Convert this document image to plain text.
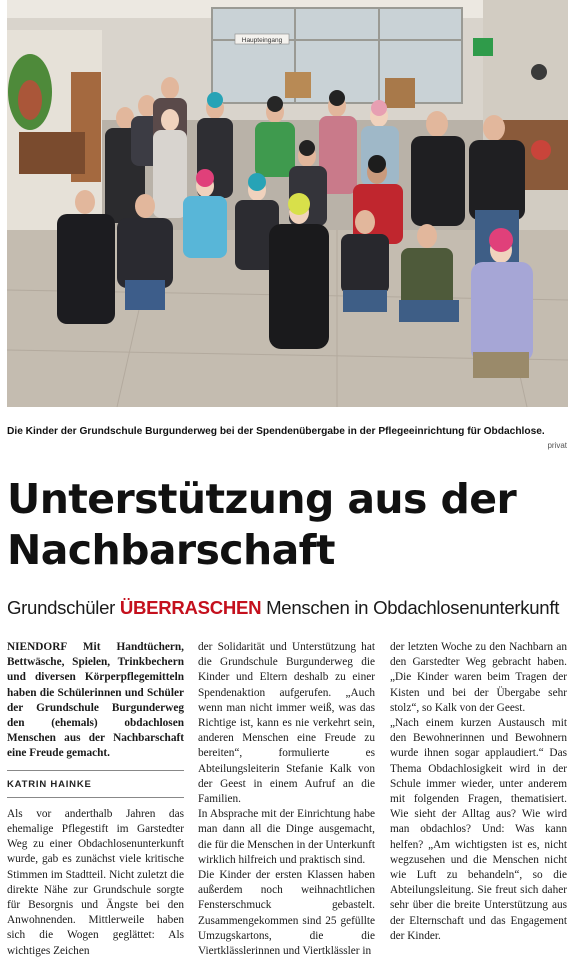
Haupteingang
Die Kinder der Grundschule Burgunderweg bei der Spendenübergabe in der Pflegeeinrichtung für Obdachlose.
privat
Unterstützung aus der
Nachbarschaft
Grundschüler ÜBERRASCHEN Menschen in Obdachlosenunterkunft

NIENDORF Mit Handtüchern, Bettwäsche, Spielen, Trinkbechern und diversen Körperpflegemitteln haben die Schülerinnen und Schüler der Grundschule Burgunderweg den (ehemals) obdachlosen Menschen aus der Nachbarschaft eine Freude gemacht.

KATRIN HAINKE

Als vor anderthalb Jahren das ehemalige Pflegestift im Garstedter Weg zu einer Obdachlosenunterkunft wurde, gab es zunächst viele kritische Stimmen im Stadtteil. Nicht zuletzt die direkte Nähe zur Grundschule sorgte für Besorgnis und Ängste bei den Anwohnenden. Mittlerweile haben sich die Wogen geglättet: Als wichtiges Zeichen

der Solidarität und Unterstützung hat die Grundschule Burgunderweg die Kinder und Eltern deshalb zu einer Spendenaktion aufgerufen. „Auch wenn man nicht immer weiß, was das Richtige ist, kann es nie verkehrt sein, anderen Menschen eine Freude zu bereiten“, formulierte es Abteilungsleiterin Stefanie Kalk von der Geest in einem Aufruf an die Familien.

In Absprache mit der Einrichtung habe man dann all die Dinge ausgemacht, die für die Menschen in der Unterkunft wirklich hilfreich und praktisch sind.

Die Kinder der ersten Klassen haben außerdem noch weihnachtlichen Fensterschmuck gebastelt. Zusammengekommen sind 25 gefüllte Umzugskartons, die die Viertklässlerinnen und Viertklässler in

der letzten Woche zu den Nachbarn an den Garstedter Weg gebracht haben. „Die Kinder waren beim Tragen der Kisten und bei der Übergabe sehr stolz“, so Kalk von der Geest.

„Nach einem kurzen Austausch mit den Bewohnerinnen und Bewohnern wurde ihnen sogar applaudiert.“ Das Thema Obdachlosigkeit wird in der Schule immer wieder, unter anderem mit folgenden Fragen, thematisiert. Wie sieht der Alltag aus? Wie wird man obdachlos? Und: Was kann helfen? „Am wichtigsten ist es, nicht wegzusehen und die Menschen nicht wie Luft zu behandeln“, so die Abteilungsleitung. Sie freut sich daher sehr über die breite Unterstützung aus der Elternschaft und das Engagement der Kinder.
